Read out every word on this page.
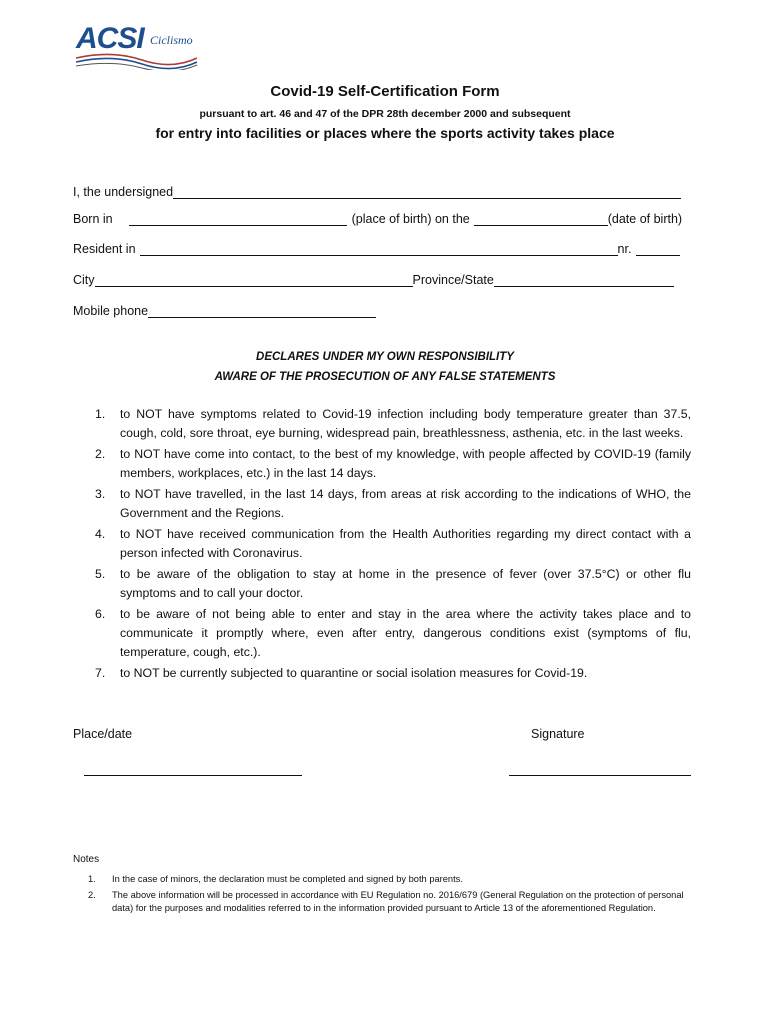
ACSI Ciclismo
Covid-19 Self-Certification Form
pursuant to art. 46 and 47 of the DPR 28th december 2000 and subsequent
for entry into facilities or places where the sports activity takes place
I, the undersigned
Born in	(place of birth) on the	(date of birth)
Resident in	nr.
City	Province/State
Mobile phone
DECLARES UNDER MY OWN RESPONSIBILITY
AWARE OF THE PROSECUTION OF ANY FALSE STATEMENTS
1. to NOT have symptoms related to Covid-19 infection including body temperature greater than 37.5, cough, cold, sore throat, eye burning, widespread pain, breathlessness, asthenia, etc. in the last weeks.
2. to NOT have come into contact, to the best of my knowledge, with people affected by COVID-19 (family members, workplaces, etc.) in the last 14 days.
3. to NOT have travelled, in the last 14 days, from areas at risk according to the indications of WHO, the Government and the Regions.
4. to NOT have received communication from the Health Authorities regarding my direct contact with a person infected with Coronavirus.
5. to be aware of the obligation to stay at home in the presence of fever (over 37.5°C) or other flu symptoms and to call your doctor.
6. to be aware of not being able to enter and stay in the area where the activity takes place and to communicate it promptly where, even after entry, dangerous conditions exist (symptoms of flu, temperature, cough, etc.).
7. to NOT be currently subjected to quarantine or social isolation measures for Covid-19.
Place/date	Signature
Notes
1. In the case of minors, the declaration must be completed and signed by both parents.
2. The above information will be processed in accordance with EU Regulation no. 2016/679 (General Regulation on the protection of personal data) for the purposes and modalities referred to in the information provided pursuant to Article 13 of the aforementioned Regulation.
